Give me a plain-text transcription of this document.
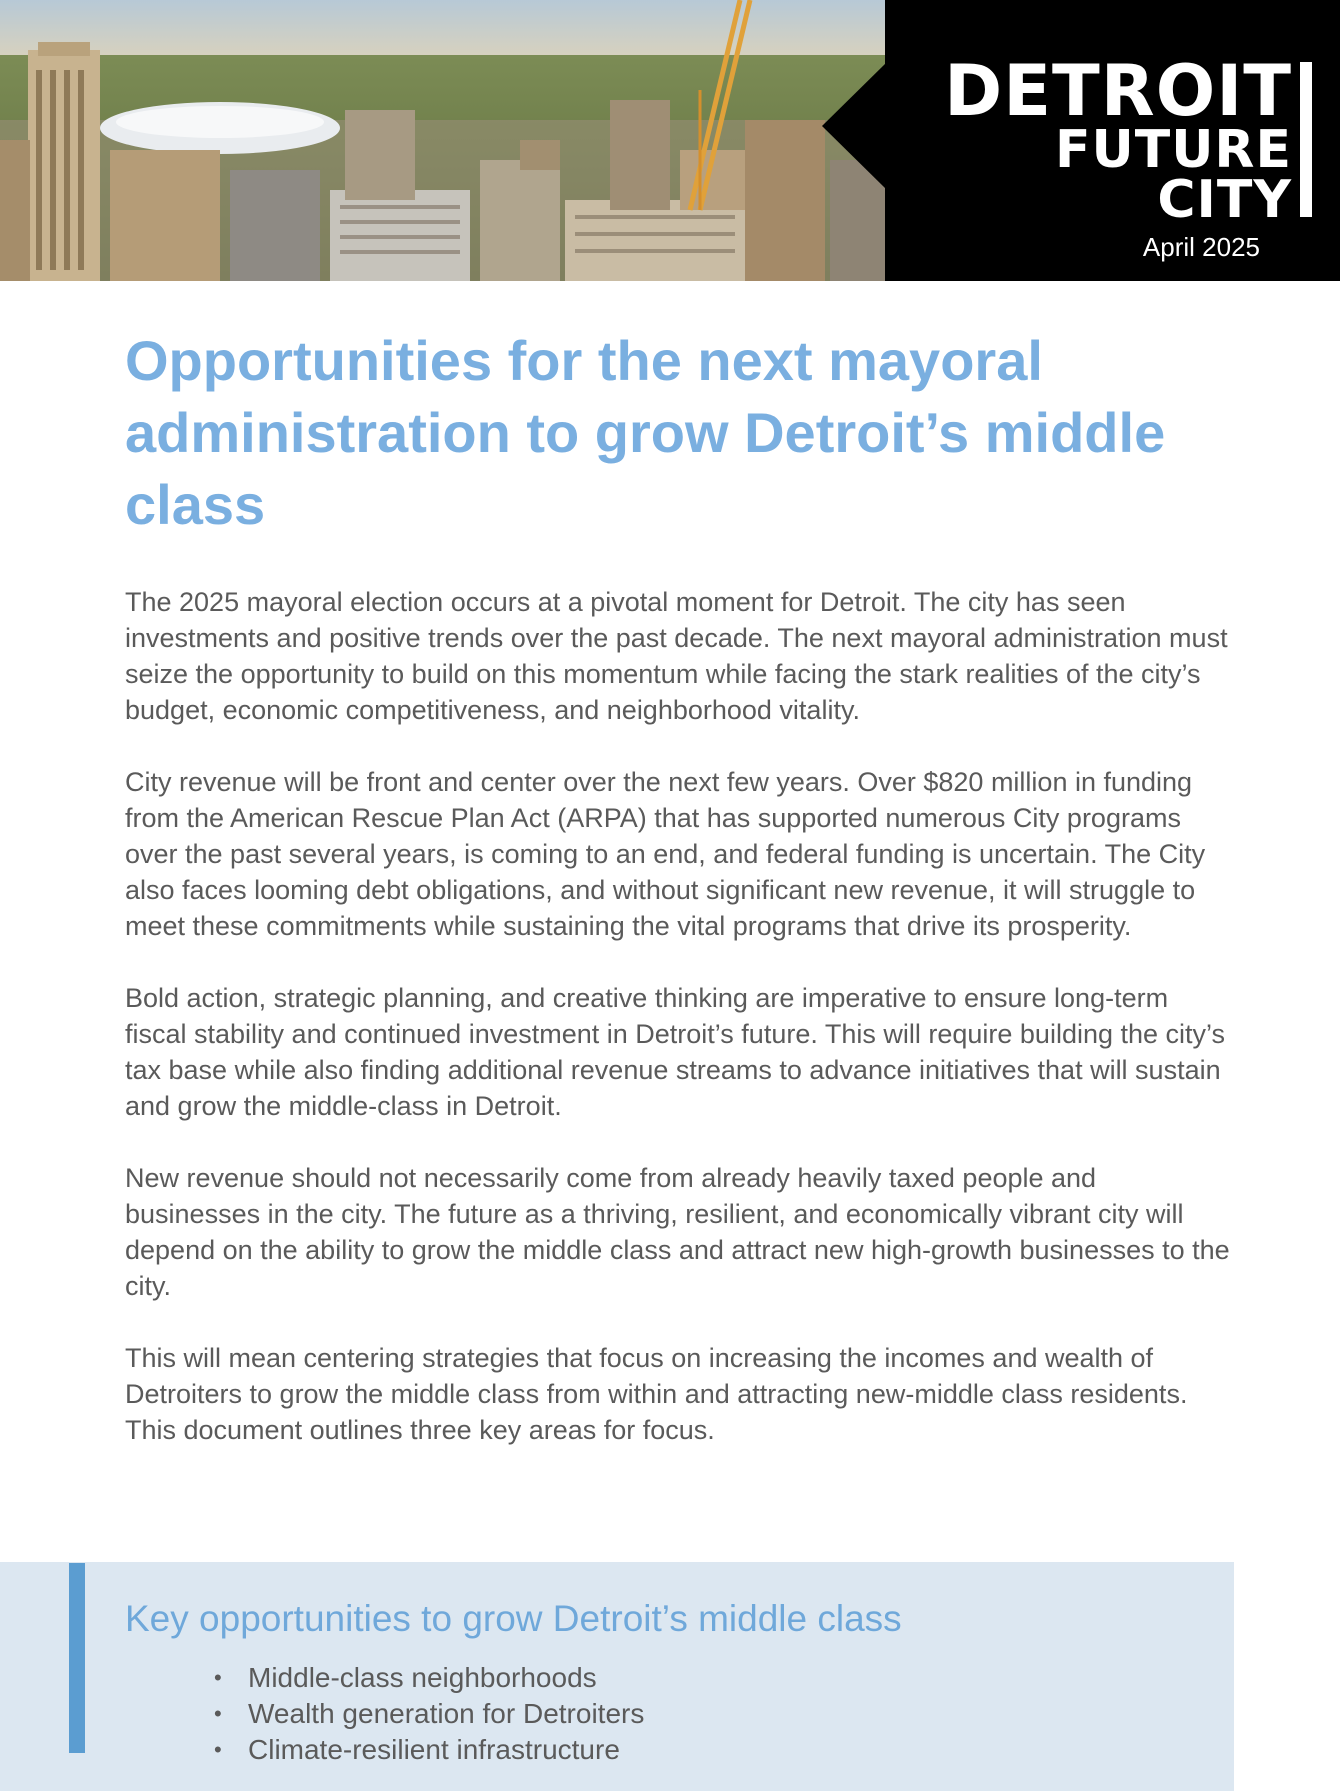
DETROIT
FUTURE
CITY
April 2025
Opportunities for the next mayoral administration to grow Detroit’s middle class

The 2025 mayoral election occurs at a pivotal moment for Detroit. The city has seen investments and positive trends over the past decade. The next mayoral administration must seize the opportunity to build on this momentum while facing the stark realities of the city’s budget, economic competitiveness, and neighborhood vitality.

City revenue will be front and center over the next few years. Over $820 million in funding from the American Rescue Plan Act (ARPA) that has supported numerous City programs over the past several years, is coming to an end, and federal funding is uncertain. The City also faces looming debt obligations, and without significant new revenue, it will struggle to meet these commitments while sustaining the vital programs that drive its prosperity.

Bold action, strategic planning, and creative thinking are imperative to ensure long-term fiscal stability and continued investment in Detroit’s future. This will require building the city’s tax base while also finding additional revenue streams to advance initiatives that will sustain and grow the middle-class in Detroit.

New revenue should not necessarily come from already heavily taxed people and businesses in the city. The future as a thriving, resilient, and economically vibrant city will depend on the ability to grow the middle class and attract new high-growth businesses to the city.

This will mean centering strategies that focus on increasing the incomes and wealth of Detroiters to grow the middle class from within and attracting new-middle class residents. This document outlines three key areas for focus.

Key opportunities to grow Detroit’s middle class
• Middle-class neighborhoods
• Wealth generation for Detroiters
• Climate-resilient infrastructure
